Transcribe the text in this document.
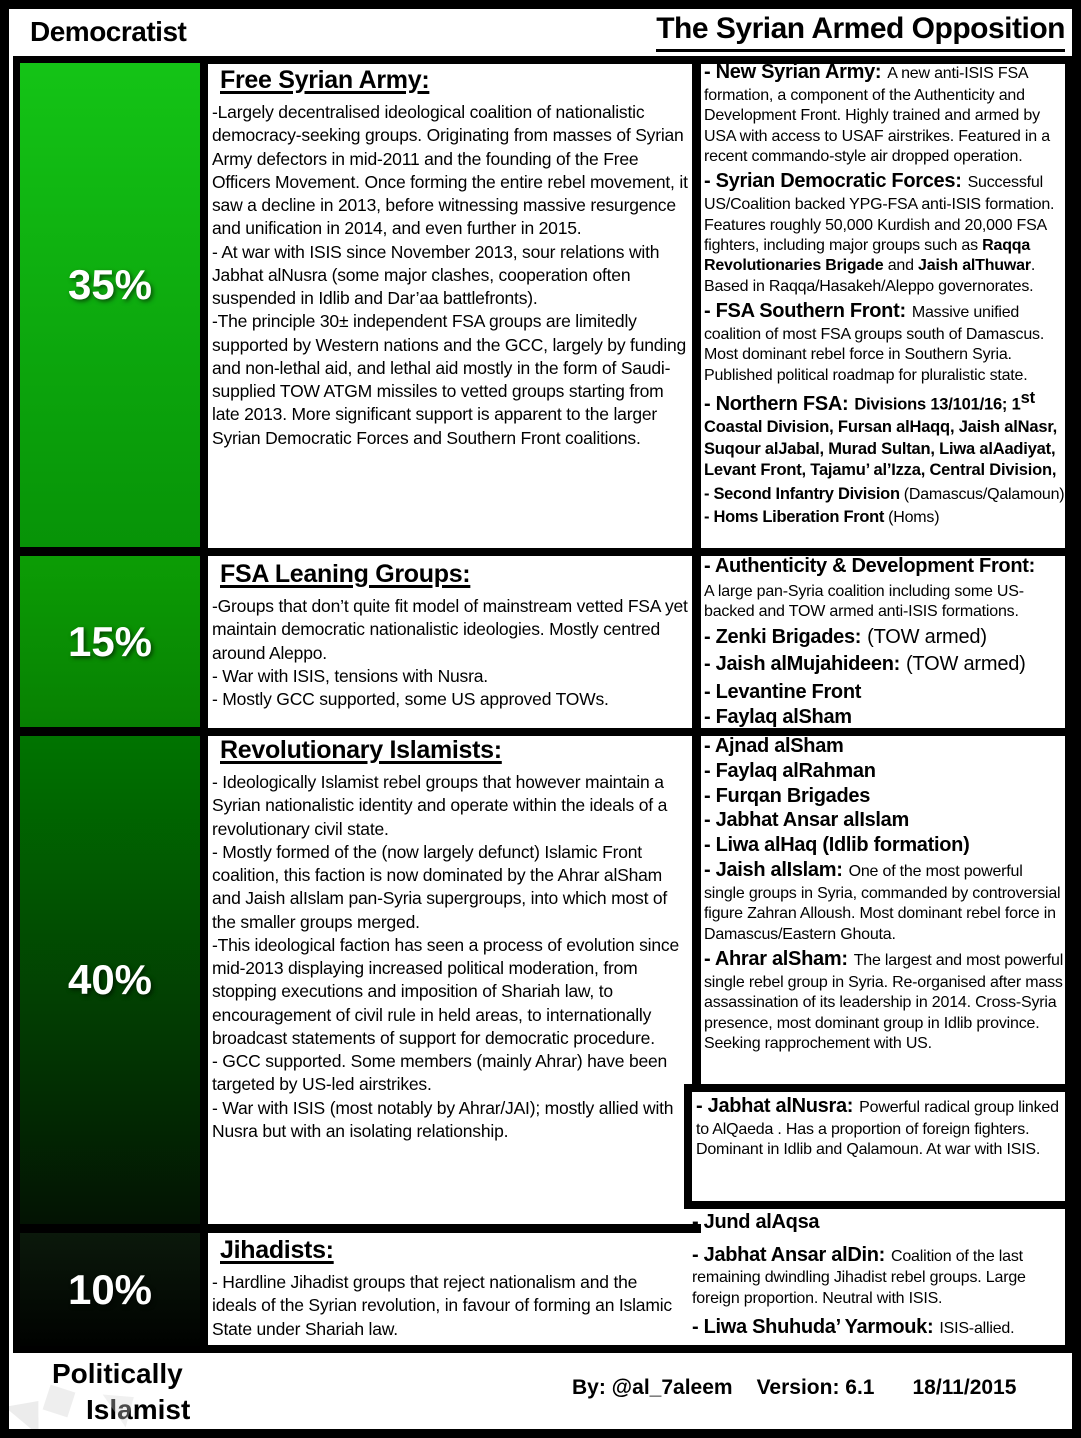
Democratist	The Syrian Armed Opposition
35%
15%
40%
10%
Free Syrian Army:

-Largely decentralised ideological coalition of nationalistic democracy-seeking groups. Originating from masses of Syrian Army defectors in mid-2011 and the founding of the Free Officers Movement. Once forming the entire rebel movement, it saw a decline in 2013, before witnessing massive resurgence and unification in 2014, and even further in 2015.

- At war with ISIS since November 2013, sour relations with Jabhat alNusra (some major clashes, cooperation often suspended in Idlib and Dar’aa battlefronts).

-The principle 30± independent FSA groups are limitedly supported by Western nations and the GCC, largely by funding and non-lethal aid, and lethal aid mostly in the form of Saudi-supplied TOW ATGM missiles to vetted groups starting from late 2013. More significant support is apparent to the larger Syrian Democratic Forces and Southern Front coalitions.

- New Syrian Army: A new anti-ISIS FSA formation, a component of the Authenticity and Development Front. Highly trained and armed by USA with access to USAF airstrikes. Featured in a recent commando-style air dropped operation.

- Syrian Democratic Forces: Successful US/Coalition backed YPG-FSA anti-ISIS formation. Features roughly 50,000 Kurdish and 20,000 FSA fighters, including major groups such as Raqqa Revolutionaries Brigade and Jaish alThuwar. Based in Raqqa/Hasakeh/Aleppo governorates.

- FSA Southern Front: Massive unified coalition of most FSA groups south of Damascus. Most dominant rebel force in Southern Syria. Published political roadmap for pluralistic state.

- Northern FSA: Divisions 13/101/16; 1st Coastal Division, Fursan alHaqq, Jaish alNasr, Suqour alJabal, Murad Sultan, Liwa alAadiyat, Levant Front, Tajamu’ al’Izza, Central Division,

- Second Infantry Division (Damascus/Qalamoun)

- Homs Liberation Front (Homs)

FSA Leaning Groups:

-Groups that don’t quite fit model of mainstream vetted FSA yet maintain democratic nationalistic ideologies. Mostly centred around Aleppo.

- War with ISIS, tensions with Nusra.

- Mostly GCC supported, some US approved TOWs.

- Authenticity & Development Front:

A large pan-Syria coalition including some US-backed and TOW armed anti-ISIS formations.

- Zenki Brigades: (TOW armed)

- Jaish alMujahideen: (TOW armed)

- Levantine Front

- Faylaq alSham

Revolutionary Islamists:

- Ideologically Islamist rebel groups that however maintain a Syrian nationalistic identity and operate within the ideals of a revolutionary civil state.

- Mostly formed of the (now largely defunct) Islamic Front coalition, this faction is now dominated by the Ahrar alSham and Jaish alIslam pan-Syria supergroups, into which most of the smaller groups merged.

-This ideological faction has seen a process of evolution since mid-2013 displaying increased political moderation, from stopping executions and imposition of Shariah law, to encouragement of civil rule in held areas, to internationally broadcast statements of support for democratic procedure.

- GCC supported. Some members (mainly Ahrar) have been targeted by US-led airstrikes.

- War with ISIS (most notably by Ahrar/JAI); mostly allied with Nusra but with an isolating relationship.

- Ajnad alSham

- Faylaq alRahman

- Furqan Brigades

- Jabhat Ansar alIslam

- Liwa alHaq (Idlib formation)

- Jaish alIslam: One of the most powerful single groups in Syria, commanded by controversial figure Zahran Alloush. Most dominant rebel force in Damascus/Eastern Ghouta.

- Ahrar alSham: The largest and most powerful single rebel group in Syria. Re-organised after mass assassination of its leadership in 2014. Cross-Syria presence, most dominant group in Idlib province. Seeking rapprochement with US.

- Jabhat alNusra: Powerful radical group linked to AlQaeda . Has a proportion of foreign fighters. Dominant in Idlib and Qalamoun. At war with ISIS.

- Jund alAqsa

- Jabhat Ansar alDin: Coalition of the last remaining dwindling Jihadist rebel groups. Large foreign proportion. Neutral with ISIS.

- Liwa Shuhuda’ Yarmouk: ISIS-allied.

Jihadists:

- Hardline Jihadist groups that reject nationalism and the ideals of the Syrian revolution, in favour of forming an Islamic State under Shariah law.

Politically
Islamist
By: @al_7aleem Version: 6.1 18/11/2015
